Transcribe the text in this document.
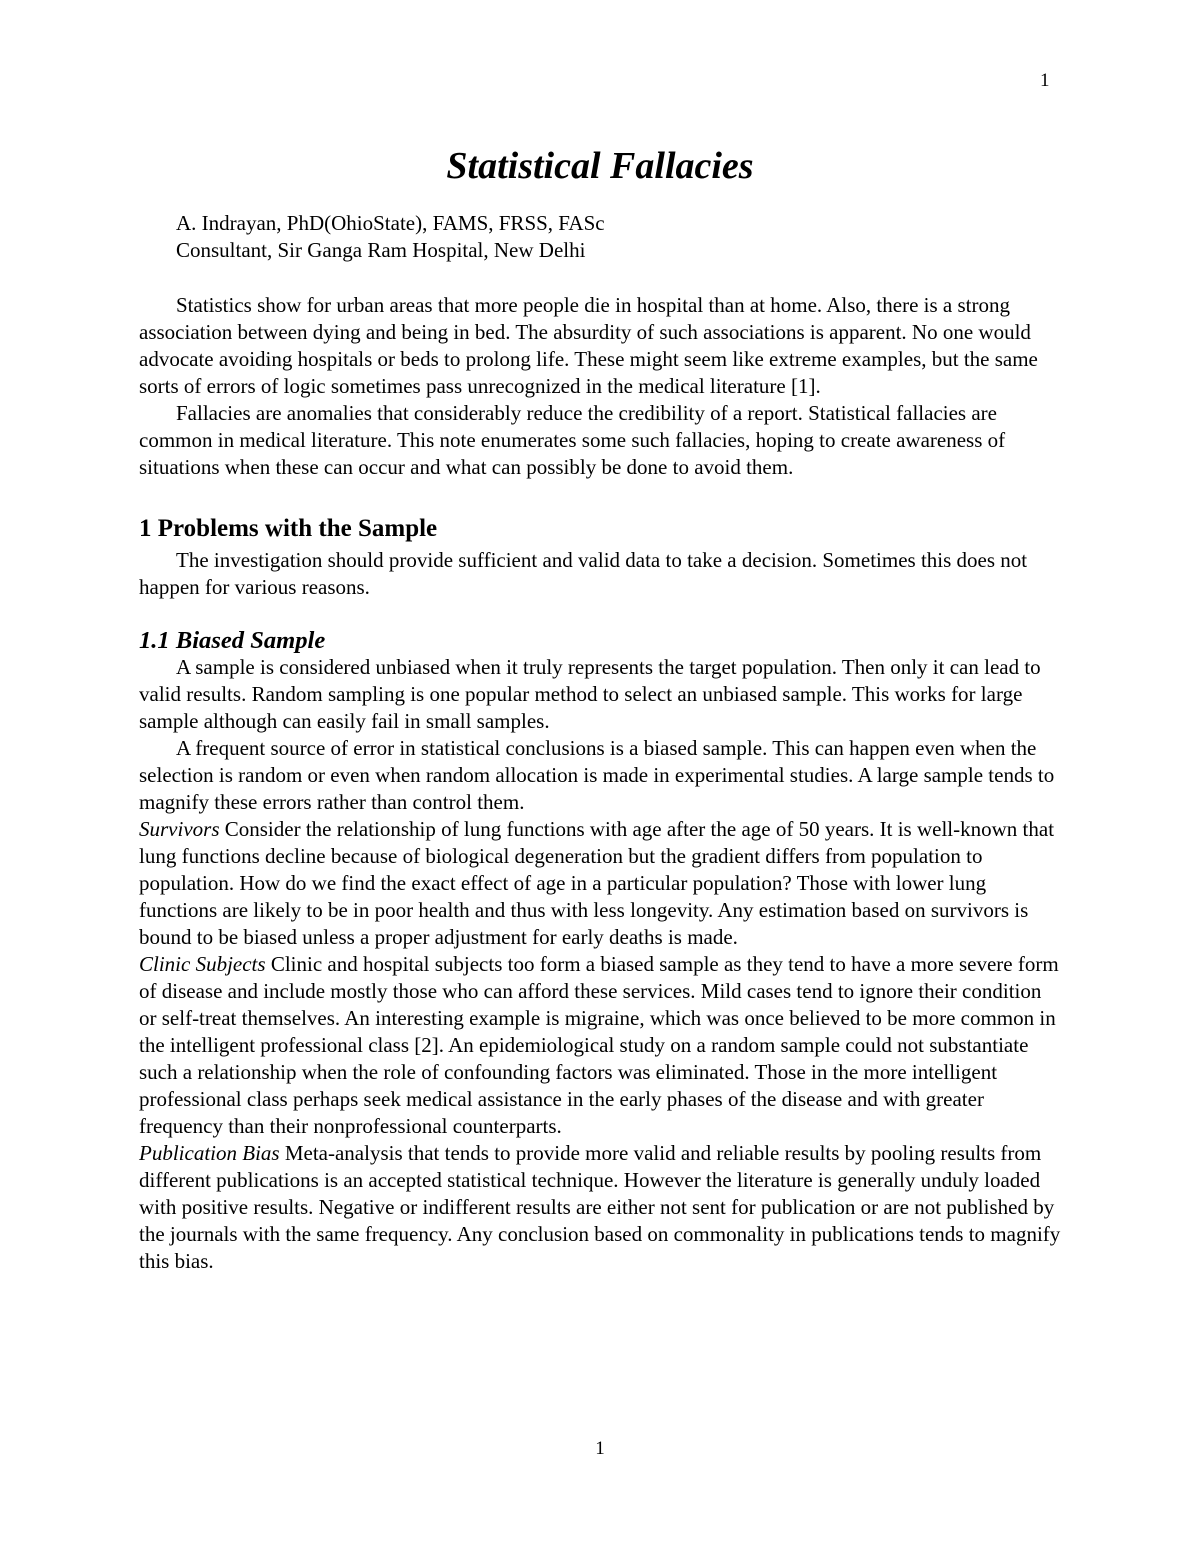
1
Statistical Fallacies

A. Indrayan, PhD(OhioState), FAMS, FRSS, FASc

Consultant, Sir Ganga Ram Hospital, New Delhi

Statistics show for urban areas that more people die in hospital than at home. Also, there is a strong association between dying and being in bed. The absurdity of such associations is apparent. No one would advocate avoiding hospitals or beds to prolong life. These might seem like extreme examples, but the same sorts of errors of logic sometimes pass unrecognized in the medical literature [1].

Fallacies are anomalies that considerably reduce the credibility of a report. Statistical fallacies are common in medical literature. This note enumerates some such fallacies, hoping to create awareness of situations when these can occur and what can possibly be done to avoid them.

1 Problems with the Sample

The investigation should provide sufficient and valid data to take a decision. Sometimes this does not happen for various reasons.

1.1 Biased Sample

A sample is considered unbiased when it truly represents the target population. Then only it can lead to valid results. Random sampling is one popular method to select an unbiased sample. This works for large sample although can easily fail in small samples.

A frequent source of error in statistical conclusions is a biased sample. This can happen even when the selection is random or even when random allocation is made in experimental studies. A large sample tends to magnify these errors rather than control them.

Survivors Consider the relationship of lung functions with age after the age of 50 years. It is well-known that lung functions decline because of biological degeneration but the gradient differs from population to population. How do we find the exact effect of age in a particular population? Those with lower lung functions are likely to be in poor health and thus with less longevity. Any estimation based on survivors is bound to be biased unless a proper adjustment for early deaths is made.

Clinic Subjects Clinic and hospital subjects too form a biased sample as they tend to have a more severe form of disease and include mostly those who can afford these services. Mild cases tend to ignore their condition or self-treat themselves. An interesting example is migraine, which was once believed to be more common in the intelligent professional class [2]. An epidemiological study on a random sample could not substantiate such a relationship when the role of confounding factors was eliminated. Those in the more intelligent professional class perhaps seek medical assistance in the early phases of the disease and with greater frequency than their nonprofessional counterparts.

Publication Bias Meta-analysis that tends to provide more valid and reliable results by pooling results from different publications is an accepted statistical technique. However the literature is generally unduly loaded with positive results. Negative or indifferent results are either not sent for publication or are not published by the journals with the same frequency. Any conclusion based on commonality in publications tends to magnify this bias.

1
